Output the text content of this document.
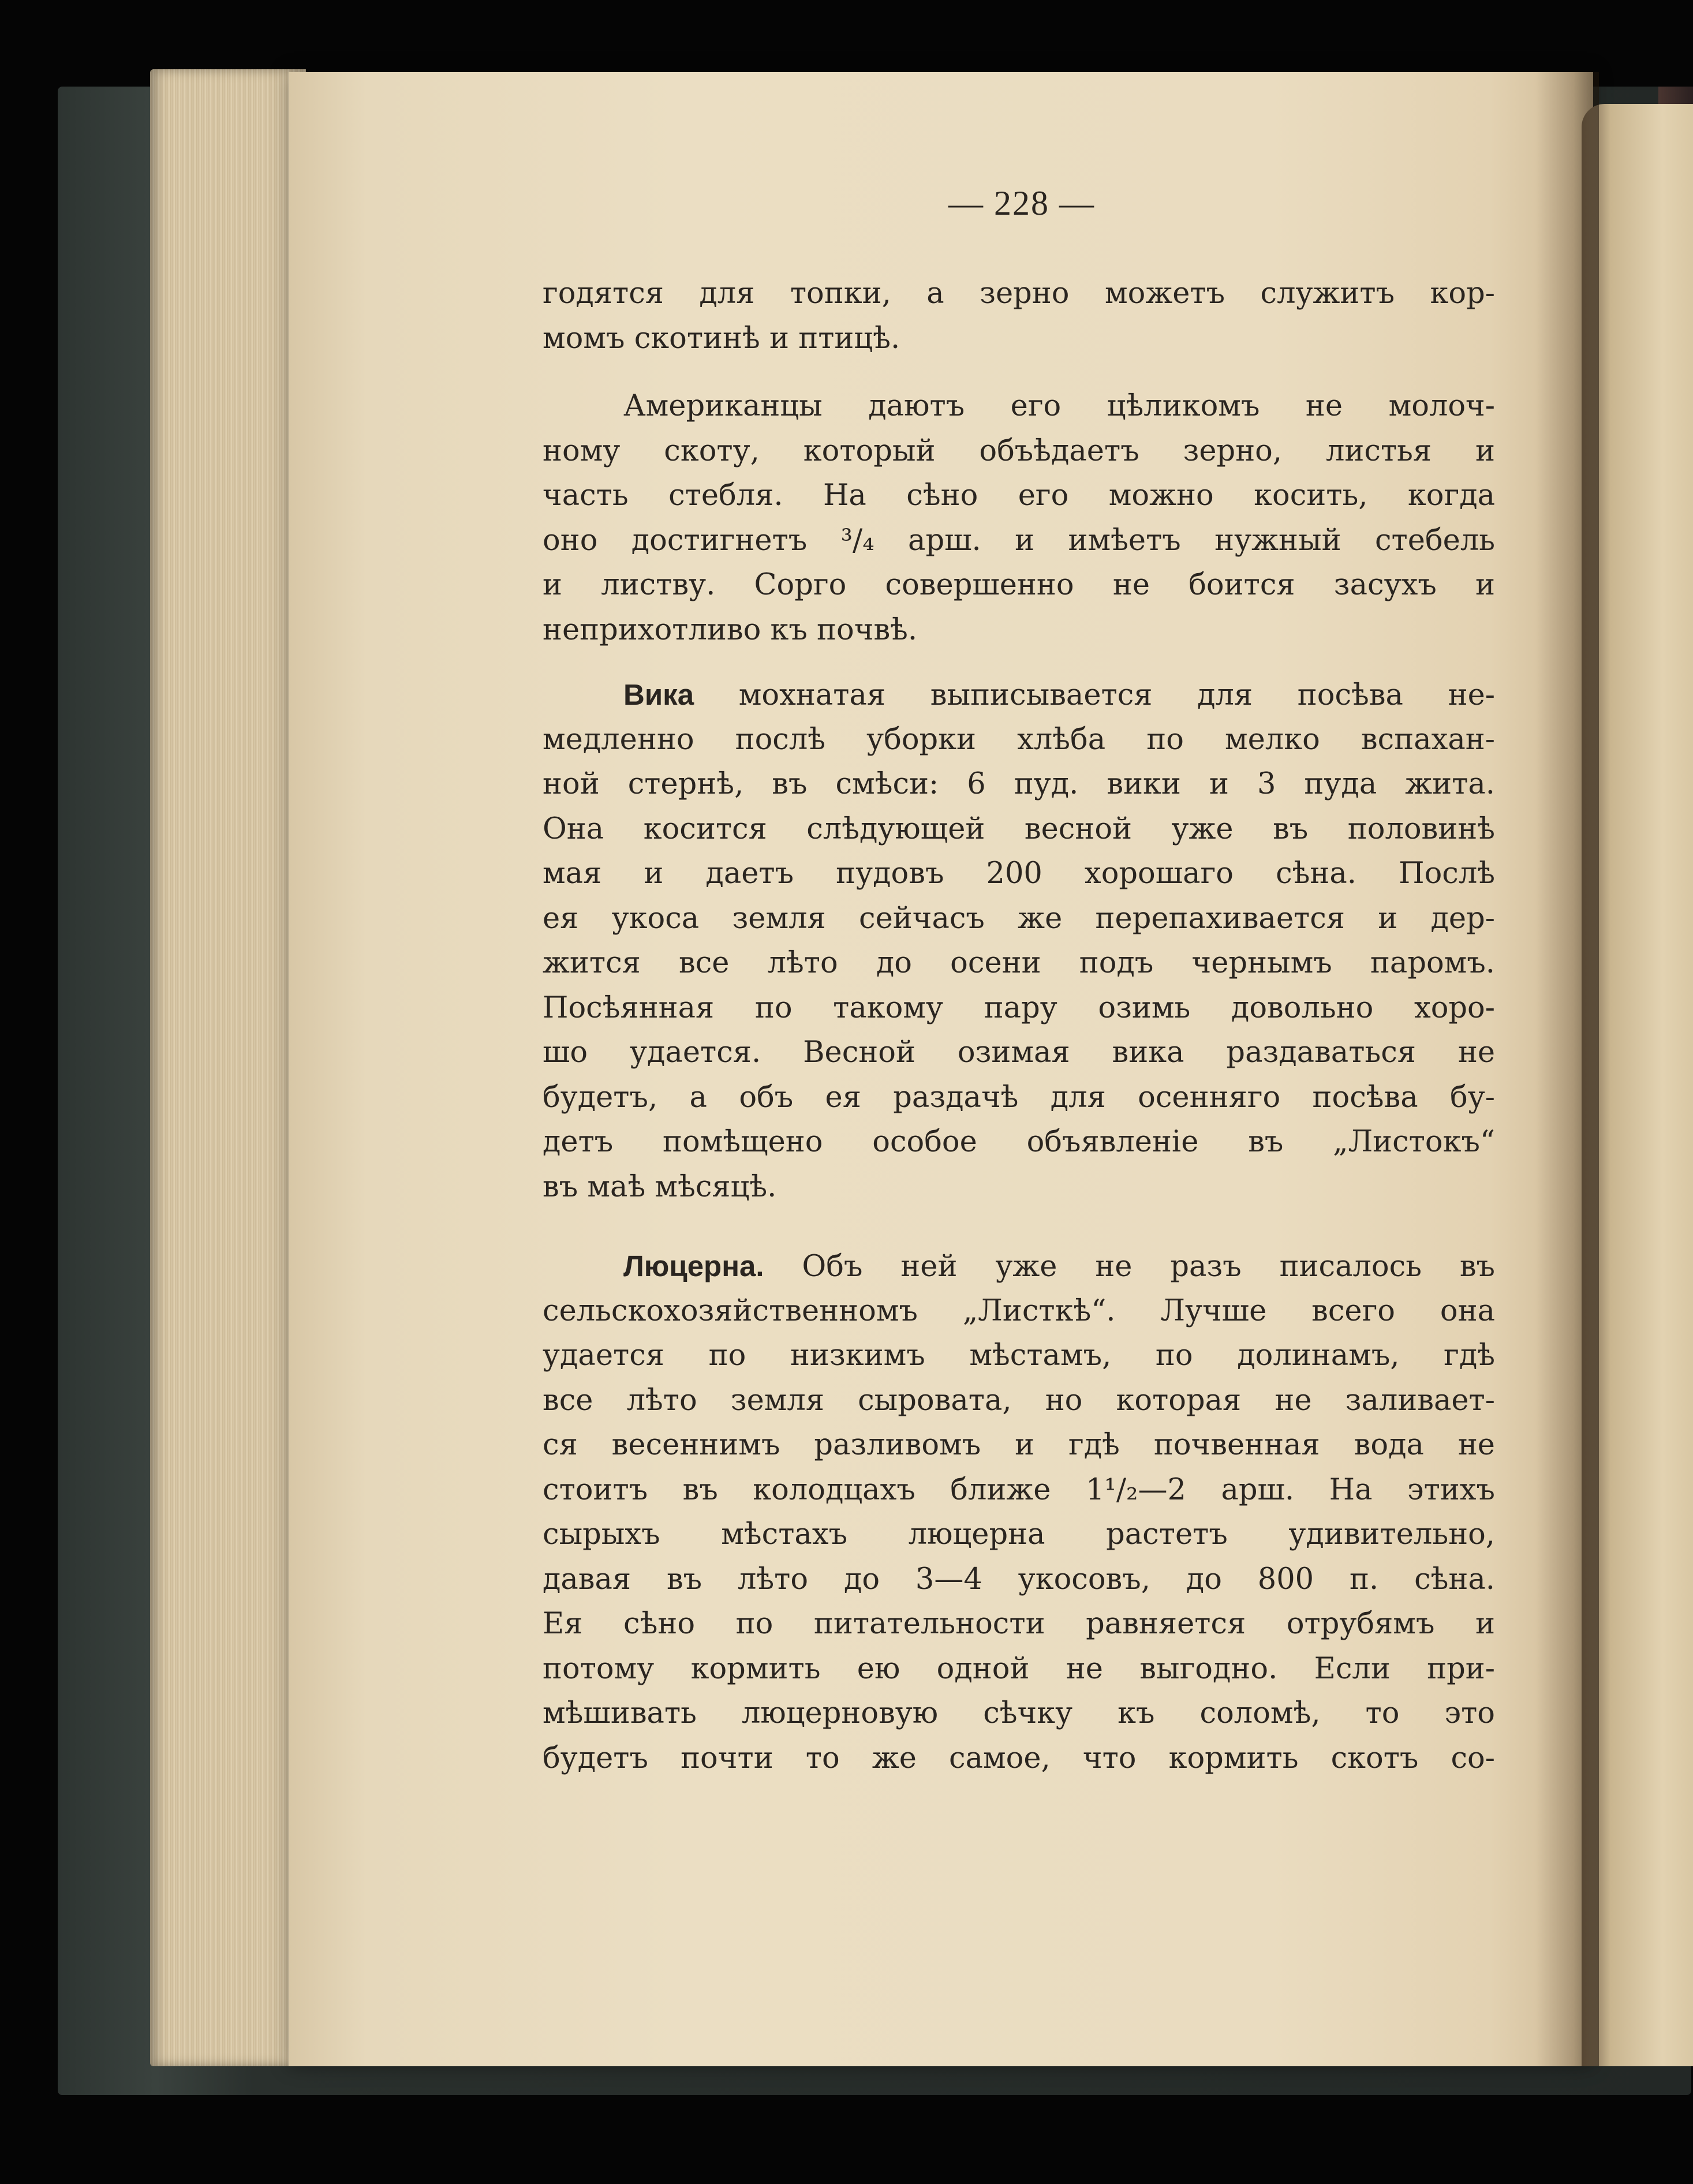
— 228 —
годятся для топки, а зерно можетъ служитъ кор-
момъ скотинѣ и птицѣ.
Американцы даютъ его цѣликомъ не молоч-
ному скоту, который объѣдаетъ зерно, листья и
часть стебля. На сѣно его можно косить, когда
оно достигнетъ ³/₄ арш. и имѣетъ нужный стебель
и листву. Сорго совершенно не боится засухъ и
неприхотливо къ почвѣ.
Вика мохнатая выписывается для посѣва не-
медленно послѣ уборки хлѣба по мелко вспахан-
ной стернѣ, въ смѣси: 6 пуд. вики и 3 пуда жита.
Она косится слѣдующей весной уже въ половинѣ
мая и даетъ пудовъ 200 хорошаго сѣна. Послѣ
ея укоса земля сейчасъ же перепахивается и дер-
жится все лѣто до осени подъ чернымъ паромъ.
Посѣянная по такому пару озимь довольно хоро-
шо удается. Весной озимая вика раздаваться не
будетъ, а объ ея раздачѣ для осенняго посѣва бу-
детъ помѣщено особое объявленіе въ „Листокъ“
въ маѣ мѣсяцѣ.
Люцерна. Объ ней уже не разъ писалось въ
сельскохозяйственномъ „Листкѣ“. Лучше всего она
удается по низкимъ мѣстамъ, по долинамъ, гдѣ
все лѣто земля сыровата, но которая не заливает-
ся весеннимъ разливомъ и гдѣ почвенная вода не
стоитъ въ колодцахъ ближе 1¹/₂—2 арш. На этихъ
сырыхъ мѣстахъ люцерна растетъ удивительно,
давая въ лѣто до 3—4 укосовъ, до 800 п. сѣна.
Ея сѣно по питательности равняется отрубямъ и
потому кормить ею одной не выгодно. Если при-
мѣшивать люцерновую сѣчку къ соломѣ, то это
будетъ почти то же самое, что кормить скотъ со-
